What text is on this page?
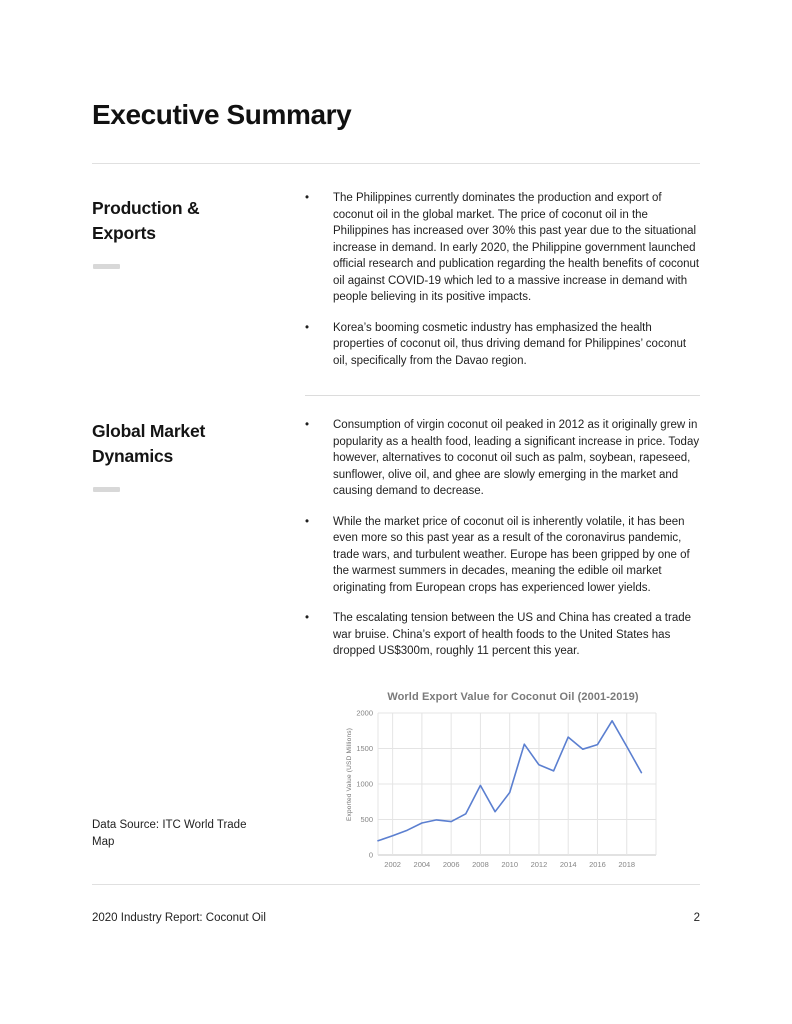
Executive Summary
Production & Exports
•	The Philippines currently dominates the production and export of coconut oil in the global market. The price of coconut oil in the Philippines has increased over 30% this past year due to the situational increase in demand. In early 2020, the Philippine government launched official research and publication regarding the health benefits of coconut oil against COVID-19 which led to a massive increase in demand with people believing in its positive impacts.
•	Korea’s booming cosmetic industry has emphasized the health properties of coconut oil, thus driving demand for Philippines’ coconut oil, specifically from the Davao region.
Global Market Dynamics
•	Consumption of virgin coconut oil peaked in 2012 as it originally grew in popularity as a health food, leading a significant increase in price. Today however, alternatives to coconut oil such as palm, soybean, rapeseed, sunflower, olive oil, and ghee are slowly emerging in the market and causing demand to decrease.
•	While the market price of coconut oil is inherently volatile, it has been even more so this past year as a result of the coronavirus pandemic, trade wars, and turbulent weather. Europe has been gripped by one of the warmest summers in decades, meaning the edible oil market originating from European crops has experienced lower yields.
•	The escalating tension between the US and China has created a trade war bruise. China’s export of health foods to the United States has dropped US$300m, roughly 11 percent this year.
World Export Value for Coconut Oil (2001-2019)
Exported Value (USD Millions)
0
500
1000
1500
2000
2002 2004 2006 2008 2010 2012 2014 2016 2018
Data Source: ITC World Trade Map
2020 Industry Report: Coconut Oil	2
